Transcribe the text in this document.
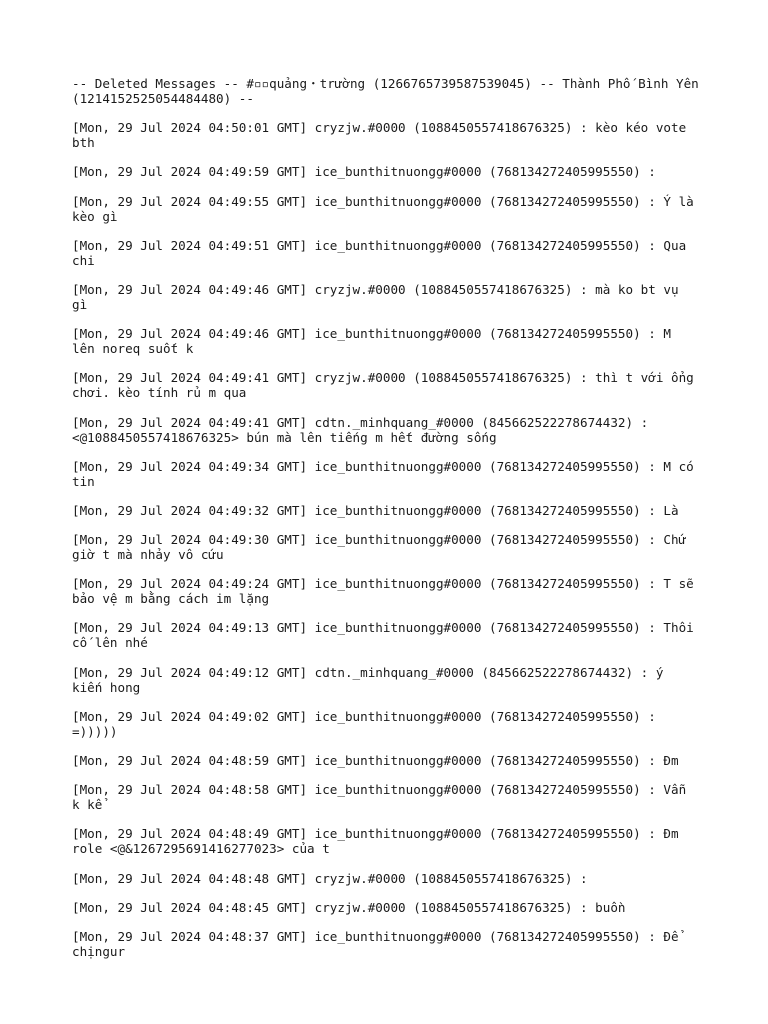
-- Deleted Messages -- #▫▫quảng・trường (1266765739587539045) -- Thành Phố Bình Yên (1214152525054484480) --
[Mon, 29 Jul 2024 04:50:01 GMT] cryzjw.#0000 (1088450557418676325) : kèo kéo vote bth
[Mon, 29 Jul 2024 04:49:59 GMT] ice_bunthitnuongg#0000 (768134272405995550) :
[Mon, 29 Jul 2024 04:49:55 GMT] ice_bunthitnuongg#0000 (768134272405995550) : Ý là kèo gì
[Mon, 29 Jul 2024 04:49:51 GMT] ice_bunthitnuongg#0000 (768134272405995550) : Qua chi
[Mon, 29 Jul 2024 04:49:46 GMT] cryzjw.#0000 (1088450557418676325) : mà ko bt vụ gì
[Mon, 29 Jul 2024 04:49:46 GMT] ice_bunthitnuongg#0000 (768134272405995550) : M lên noreq suốt k
[Mon, 29 Jul 2024 04:49:41 GMT] cryzjw.#0000 (1088450557418676325) : thì t với ổng chơi. kèo tính rủ m qua
[Mon, 29 Jul 2024 04:49:41 GMT] cdtn._minhquang_#0000 (845662522278674432) : <@1088450557418676325> bún mà lên tiếng m hết đường sống
[Mon, 29 Jul 2024 04:49:34 GMT] ice_bunthitnuongg#0000 (768134272405995550) : M có tin
[Mon, 29 Jul 2024 04:49:32 GMT] ice_bunthitnuongg#0000 (768134272405995550) : Là
[Mon, 29 Jul 2024 04:49:30 GMT] ice_bunthitnuongg#0000 (768134272405995550) : Chứ giờ t mà nhảy vô cứu
[Mon, 29 Jul 2024 04:49:24 GMT] ice_bunthitnuongg#0000 (768134272405995550) : T sẽ bảo vệ m bằng cách im lặng
[Mon, 29 Jul 2024 04:49:13 GMT] ice_bunthitnuongg#0000 (768134272405995550) : Thôi cố lên nhé
[Mon, 29 Jul 2024 04:49:12 GMT] cdtn._minhquang_#0000 (845662522278674432) : ý kiến hong
[Mon, 29 Jul 2024 04:49:02 GMT] ice_bunthitnuongg#0000 (768134272405995550) : =)))))
[Mon, 29 Jul 2024 04:48:59 GMT] ice_bunthitnuongg#0000 (768134272405995550) : Đm
[Mon, 29 Jul 2024 04:48:58 GMT] ice_bunthitnuongg#0000 (768134272405995550) : Vẫn k kể
[Mon, 29 Jul 2024 04:48:49 GMT] ice_bunthitnuongg#0000 (768134272405995550) : Đm role <@&1267295691416277023> của t
[Mon, 29 Jul 2024 04:48:48 GMT] cryzjw.#0000 (1088450557418676325) :
[Mon, 29 Jul 2024 04:48:45 GMT] cryzjw.#0000 (1088450557418676325) : buồn
[Mon, 29 Jul 2024 04:48:37 GMT] ice_bunthitnuongg#0000 (768134272405995550) : Để chịngur
